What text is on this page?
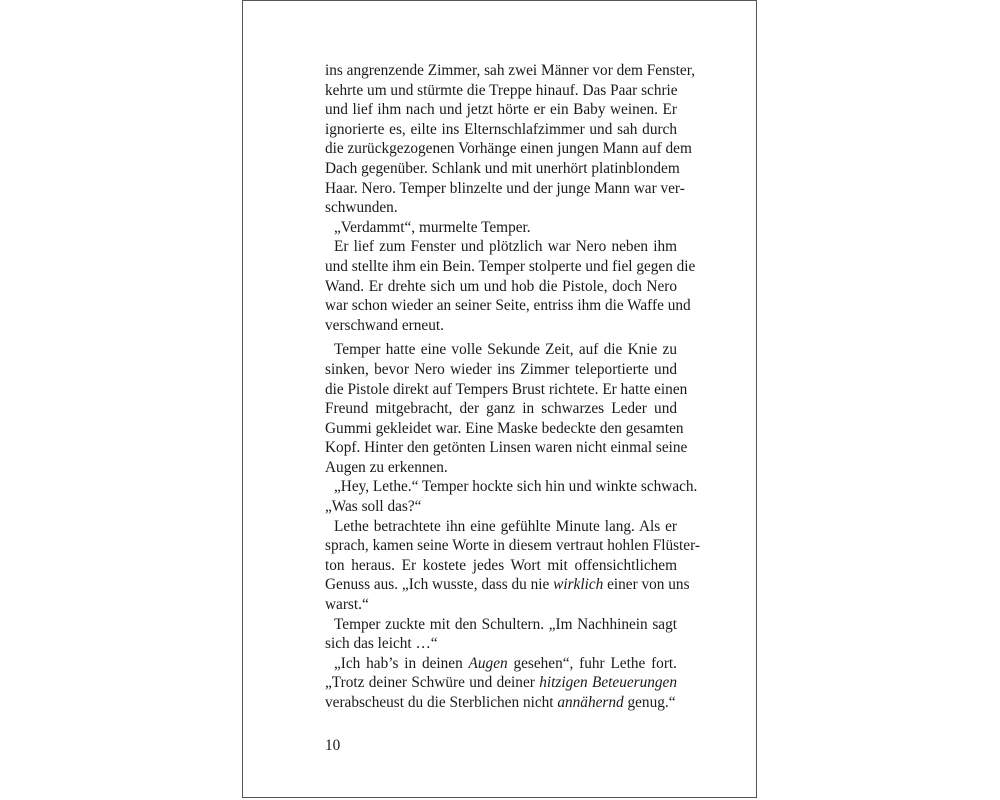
ins angrenzende Zimmer, sah zwei Männer vor dem Fenster,
kehrte um und stürmte die Treppe hinauf. Das Paar schrie
und lief ihm nach und jetzt hörte er ein Baby weinen. Er
ignorierte es, eilte ins Elternschlafzimmer und sah durch
die zurückgezogenen Vorhänge einen jungen Mann auf dem
Dach gegenüber. Schlank und mit unerhört platinblondem
Haar. Nero. Temper blinzelte und der junge Mann war ver-
schwunden.
„Verdammt“, murmelte Temper.
Er lief zum Fenster und plötzlich war Nero neben ihm
und stellte ihm ein Bein. Temper stolperte und fiel gegen die
Wand. Er drehte sich um und hob die Pistole, doch Nero
war schon wieder an seiner Seite, entriss ihm die Waffe und
verschwand erneut.
Temper hatte eine volle Sekunde Zeit, auf die Knie zu
sinken, bevor Nero wieder ins Zimmer teleportierte und
die Pistole direkt auf Tempers Brust richtete. Er hatte einen
Freund mitgebracht, der ganz in schwarzes Leder und
Gummi gekleidet war. Eine Maske bedeckte den gesamten
Kopf. Hinter den getönten Linsen waren nicht einmal seine
Augen zu erkennen.
„Hey, Lethe.“ Temper hockte sich hin und winkte schwach.
„Was soll das?“
Lethe betrachtete ihn eine gefühlte Minute lang. Als er
sprach, kamen seine Worte in diesem vertraut hohlen Flüster-
ton heraus. Er kostete jedes Wort mit offensichtlichem
Genuss aus. „Ich wusste, dass du nie wirklich einer von uns
warst.“
Temper zuckte mit den Schultern. „Im Nachhinein sagt
sich das leicht …“
„Ich hab’s in deinen Augen gesehen“, fuhr Lethe fort.
„Trotz deiner Schwüre und deiner hitzigen Beteuerungen
verabscheust du die Sterblichen nicht annähernd genug.“
10
